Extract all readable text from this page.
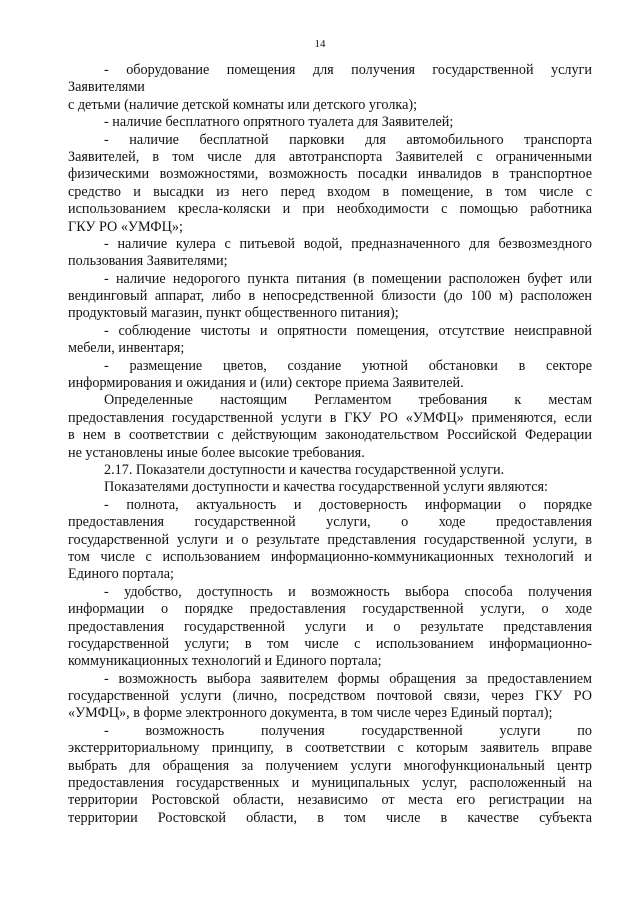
14
- оборудование помещения для получения государственной услуги
Заявителями
с детьми (наличие детской комнаты или детского уголка);
- наличие бесплатного опрятного туалета для Заявителей;
- наличие бесплатной парковки для автомобильного транспорта
Заявителей, в том числе для автотранспорта Заявителей с ограниченными
физическими возможностями, возможность посадки инвалидов в транспортное
средство и высадки из него перед входом в помещение, в том числе с
использованием кресла-коляски и при необходимости с помощью работника
ГКУ РО «УМФЦ»;
- наличие кулера с питьевой водой, предназначенного для безвозмездного
пользования Заявителями;
- наличие недорогого пункта питания (в помещении расположен буфет или
вендинговый аппарат, либо в непосредственной близости (до 100 м) расположен
продуктовый магазин, пункт общественного питания);
- соблюдение чистоты и опрятности помещения, отсутствие неисправной
мебели, инвентаря;
- размещение цветов, создание уютной обстановки в секторе
информирования и ожидания и (или) секторе приема Заявителей.
Определенные настоящим Регламентом требования к местам
предоставления государственной услуги в ГКУ РО «УМФЦ» применяются, если
в нем в соответствии с действующим законодательством Российской Федерации
не установлены иные более высокие требования.
2.17. Показатели доступности и качества государственной услуги.
Показателями доступности и качества государственной услуги являются:
- полнота, актуальность и достоверность информации о порядке
предоставления государственной услуги, о ходе предоставления
государственной услуги и о результате представления государственной услуги, в
том числе с использованием информационно-коммуникационных технологий и
Единого портала;
- удобство, доступность и возможность выбора способа получения
информации о порядке предоставления государственной услуги, о ходе
предоставления государственной услуги и о результате представления
государственной услуги; в том числе с использованием информационно-
коммуникационных технологий и Единого портала;
- возможность выбора заявителем формы обращения за предоставлением
государственной услуги (лично, посредством почтовой связи, через ГКУ РО
«УМФЦ», в форме электронного документа, в том числе через Единый портал);
- возможность получения государственной услуги по
экстерриториальному принципу, в соответствии с которым заявитель вправе
выбрать для обращения за получением услуги многофункциональный центр
предоставления государственных и муниципальных услуг, расположенный на
территории Ростовской области, независимо от места его регистрации на
территории Ростовской области, в том числе в качестве субъекта
